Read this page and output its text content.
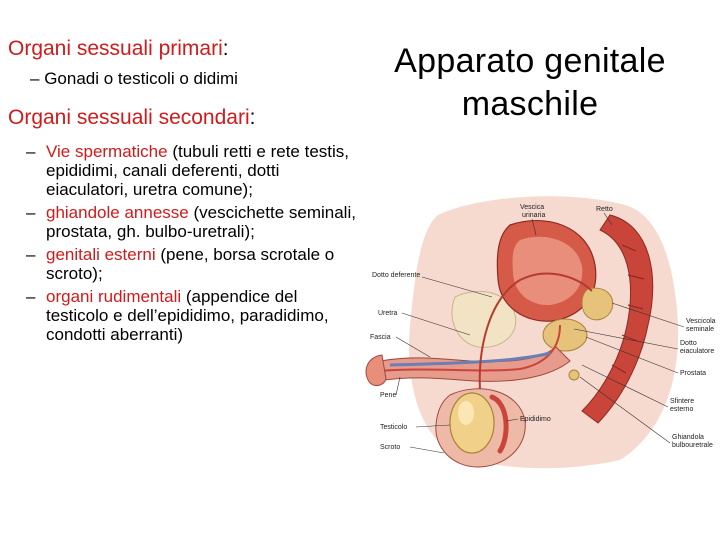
Apparato genitale
maschile
Organi sessuali primari:
– Gonadi o testicoli o didimi
Organi sessuali secondari:
– Vie spermatiche (tubuli retti e rete testis, epididimi, canali deferenti, dotti eiaculatori, uretra comune);
– ghiandole annesse (vescichette seminali, prostata, gh. bulbo-uretrali);
– genitali esterni (pene, borsa scrotale o scroto);
– organi rudimentali (appendice del testicolo e dell’epididimo, paradidimo, condotti aberranti)
Vescica
urinaria
Retto
Dotto deferente
Uretra
Fascia
Pene
Vescicola
seminale
Dotto
eiaculatore
Prostata
Sfintere
esterno
Epididimo
Ghiandola
bulbouretrale
Testicolo
Scroto
